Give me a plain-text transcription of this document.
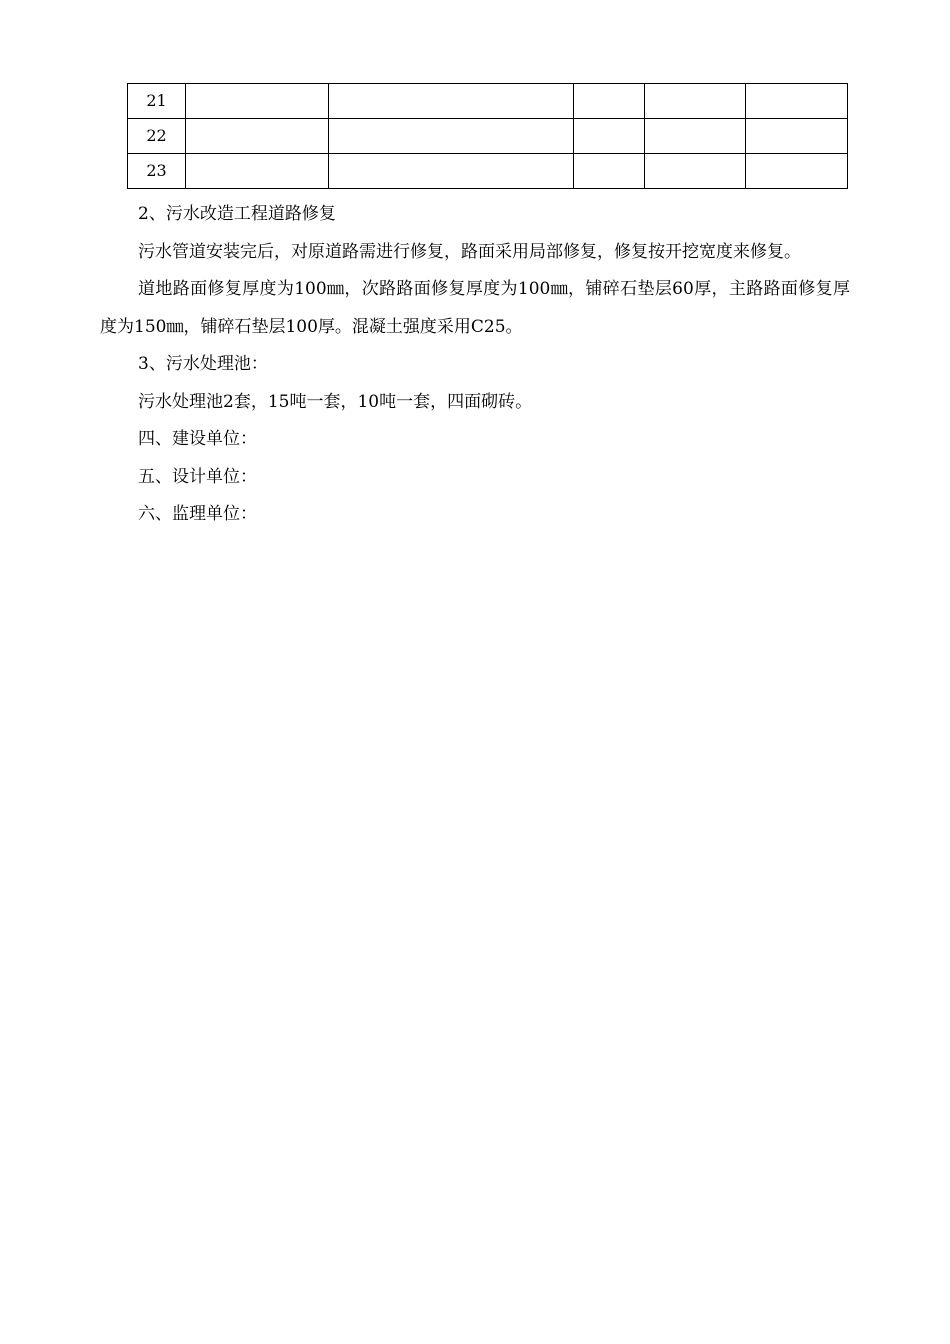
21					
22					
23					

2、污水改造工程道路修复

污水管道安装完后，对原道路需进行修复，路面采用局部修复，修复按开挖宽度来修复。

道地路面修复厚度为100㎜，次路路面修复厚度为100㎜，铺碎石垫层60厚，主路路面修复厚度为150㎜，铺碎石垫层100厚。混凝土强度采用C25。

3、污水处理池：

污水处理池2套，15吨一套，10吨一套，四面砌砖。

四、建设单位：

五、设计单位：

六、监理单位：
